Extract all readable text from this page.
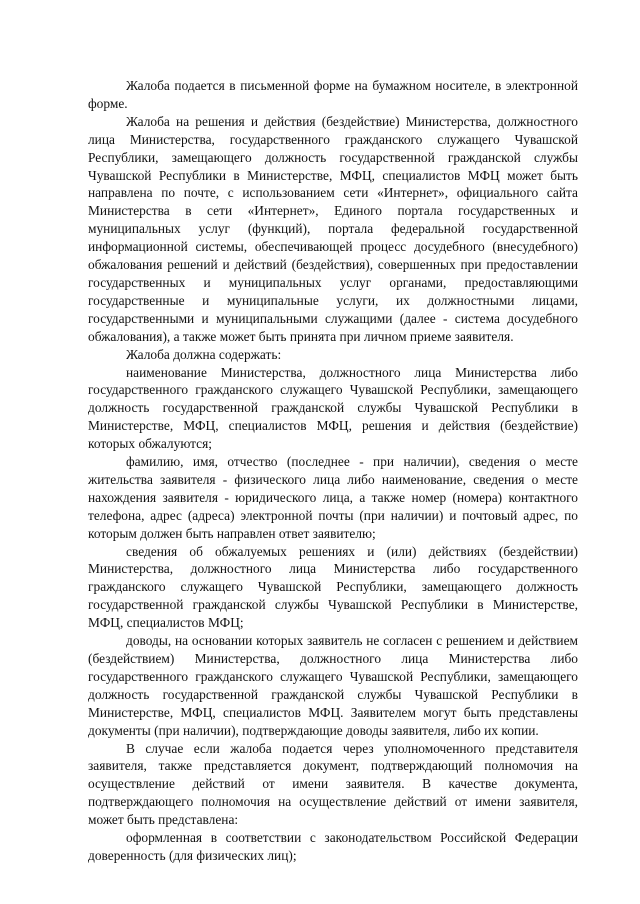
Жалоба подается в письменной форме на бумажном носителе, в электронной форме.

Жалоба на решения и действия (бездействие) Министерства, должностного лица Министерства, государственного гражданского служащего Чувашской Республики, замещающего должность государственной гражданской службы Чувашской Республики в Министерстве, МФЦ, специалистов МФЦ может быть направлена по почте, с использованием сети «Интернет», официального сайта Министерства в сети «Интернет», Единого портала государственных и муниципальных услуг (функций), портала федеральной государственной информационной системы, обеспечивающей процесс досудебного (внесудебного) обжалования решений и действий (бездействия), совершенных при предоставлении государственных и муниципальных услуг органами, предоставляющими государственные и муниципальные услуги, их должностными лицами, государственными и муниципальными служащими (далее - система досудебного обжалования), а также может быть принята при личном приеме заявителя.

Жалоба должна содержать:

наименование Министерства, должностного лица Министерства либо государственного гражданского служащего Чувашской Республики, замещающего должность государственной гражданской службы Чувашской Республики в Министерстве, МФЦ, специалистов МФЦ, решения и действия (бездействие) которых обжалуются;

фамилию, имя, отчество (последнее - при наличии), сведения о месте жительства заявителя - физического лица либо наименование, сведения о месте нахождения заявителя - юридического лица, а также номер (номера) контактного телефона, адрес (адреса) электронной почты (при наличии) и почтовый адрес, по которым должен быть направлен ответ заявителю;

сведения об обжалуемых решениях и (или) действиях (бездействии) Министерства, должностного лица Министерства либо государственного гражданского служащего Чувашской Республики, замещающего должность государственной гражданской службы Чувашской Республики в Министерстве, МФЦ, специалистов МФЦ;

доводы, на основании которых заявитель не согласен с решением и действием (бездействием) Министерства, должностного лица Министерства либо государственного гражданского служащего Чувашской Республики, замещающего должность государственной гражданской службы Чувашской Республики в Министерстве, МФЦ, специалистов МФЦ. Заявителем могут быть представлены документы (при наличии), подтверждающие доводы заявителя, либо их копии.

В случае если жалоба подается через уполномоченного представителя заявителя, также представляется документ, подтверждающий полномочия на осуществление действий от имени заявителя. В качестве документа, подтверждающего полномочия на осуществление действий от имени заявителя, может быть представлена:

оформленная в соответствии с законодательством Российской Федерации доверенность (для физических лиц);
